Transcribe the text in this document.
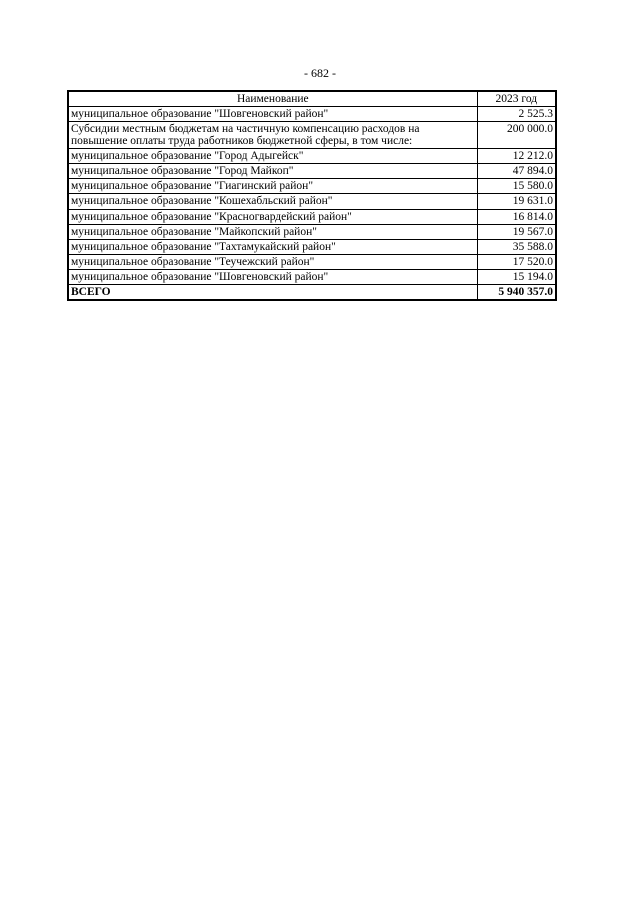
- 682 -
Наименование	2023 год
муниципальное образование "Шовгеновский район"	2 525.3
Субсидии местным бюджетам на частичную компенсацию расходов на повышение оплаты труда работников бюджетной сферы, в том числе:	200 000.0
муниципальное образование "Город Адыгейск"	12 212.0
муниципальное образование "Город Майкоп"	47 894.0
муниципальное образование "Гиагинский район"	15 580.0
муниципальное образование "Кошехабльский район"	19 631.0
муниципальное образование "Красногвардейский район"	16 814.0
муниципальное образование "Майкопский район"	19 567.0
муниципальное образование "Тахтамукайский район"	35 588.0
муниципальное образование "Теучежский район"	17 520.0
муниципальное образование "Шовгеновский район"	15 194.0
ВСЕГО	5 940 357.0
